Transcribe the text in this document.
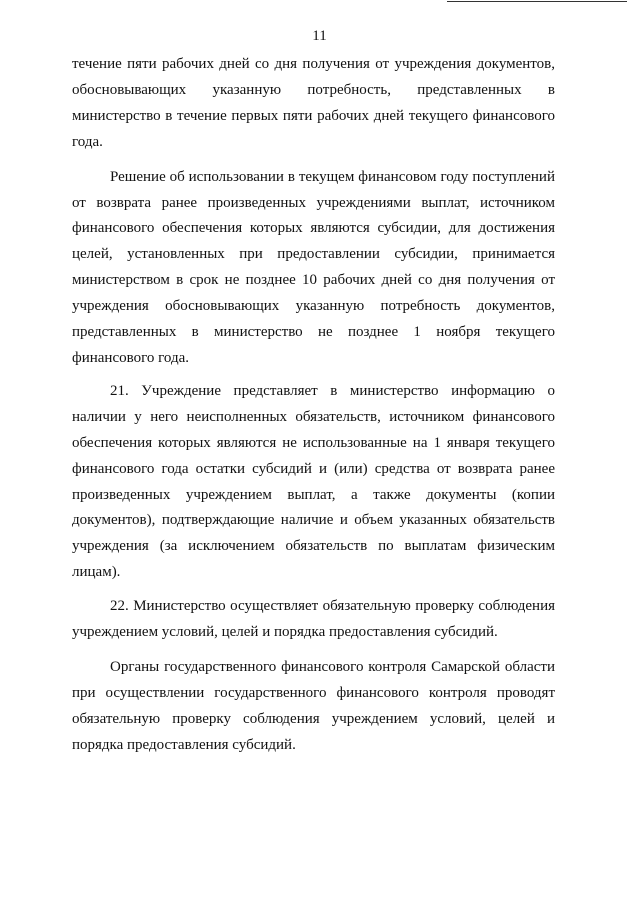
11

течение пяти рабочих дней со дня получения от учреждения документов, обосновывающих указанную потребность, представленных в министерство в течение первых пяти рабочих дней текущего финансового года.

Решение об использовании в текущем финансовом году поступлений от возврата ранее произведенных учреждениями выплат, источником финансового обеспечения которых являются субсидии, для достижения целей, установленных при предоставлении субсидии, принимается министерством в срок не позднее 10 рабочих дней со дня получения от учреждения обосновывающих указанную потребность документов, представленных в министерство не позднее 1 ноября текущего финансового года.

21. Учреждение представляет в министерство информацию о наличии у него неисполненных обязательств, источником финансового обеспечения которых являются не использованные на 1 января текущего финансового года остатки субсидий и (или) средства от возврата ранее произведенных учреждением выплат, а также документы (копии документов), подтверждающие наличие и объем указанных обязательств учреждения (за исключением обязательств по выплатам физическим лицам).

22. Министерство осуществляет обязательную проверку соблюдения учреждением условий, целей и порядка предоставления субсидий.

Органы государственного финансового контроля Самарской области при осуществлении государственного финансового контроля проводят обязательную проверку соблюдения учреждением условий, целей и порядка предоставления субсидий.
